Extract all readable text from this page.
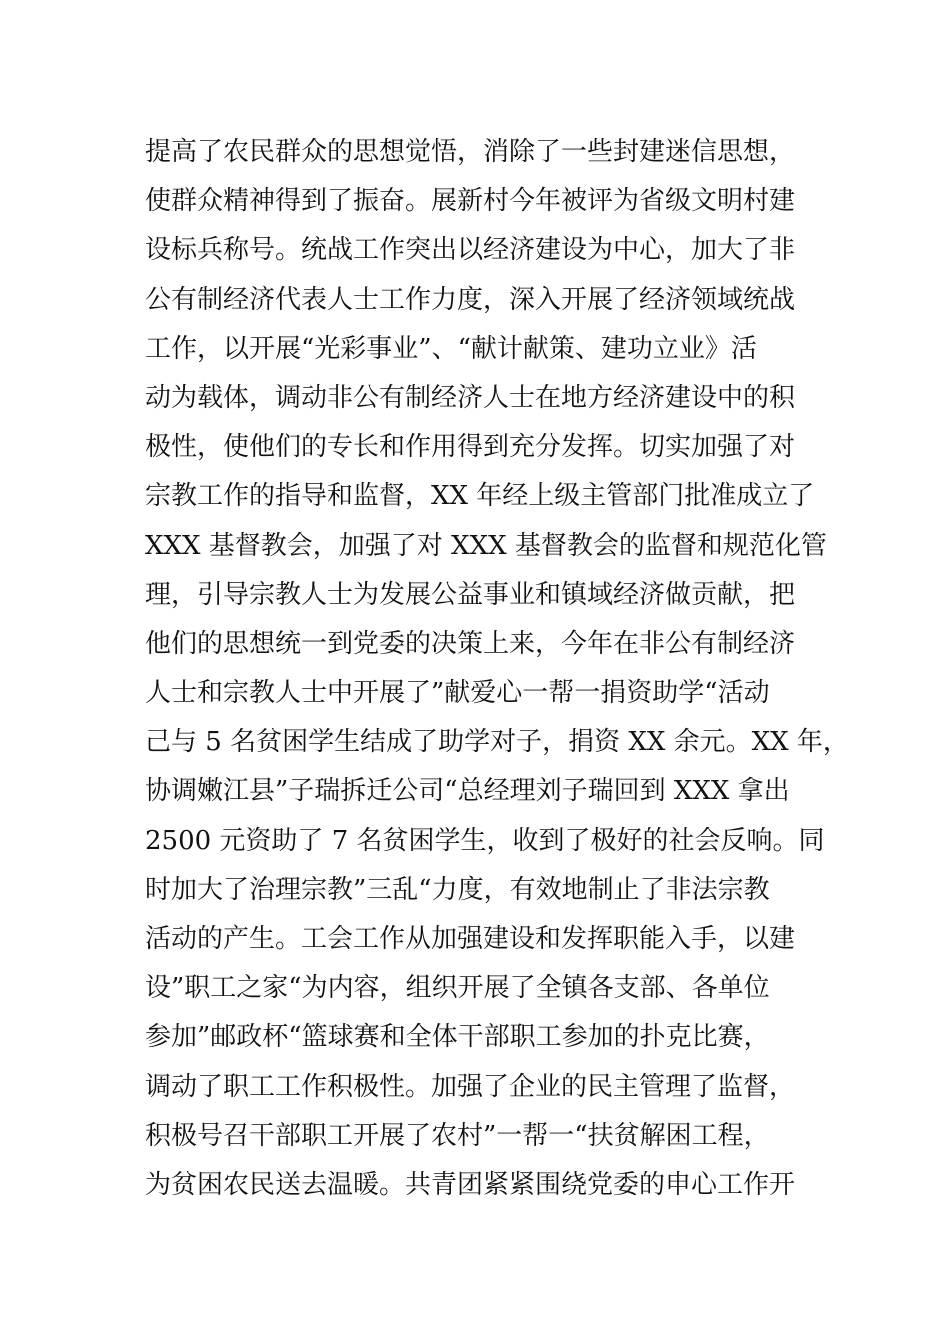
提高了农民群众的思想觉悟，消除了一些封建迷信思想，
使群众精神得到了振奋。展新村今年被评为省级文明村建
设标兵称号。统战工作突出以经济建设为中心，加大了非
公有制经济代表人士工作力度，深入开展了经济领域统战
工作，以开展“光彩事业”、“献计献策、建功立业》活
动为载体，调动非公有制经济人士在地方经济建设中的积
极性，使他们的专长和作用得到充分发挥。切实加强了对
宗教工作的指导和监督，XX 年经上级主管部门批准成立了
XXX 基督教会，加强了对 XXX 基督教会的监督和规范化管
理，引导宗教人士为发展公益事业和镇域经济做贡献，把
他们的思想统一到党委的决策上来，今年在非公有制经济
人士和宗教人士中开展了”献爱心一帮一捐资助学“活动
己与 5 名贫困学生结成了助学对子，捐资 XX 余元。XX 年，
协调嫩江县”子瑞拆迁公司“总经理刘子瑞回到 XXX 拿出
2500 元资助了 7 名贫困学生，收到了极好的社会反响。同
时加大了治理宗教”三乱“力度，有效地制止了非法宗教
活动的产生。工会工作从加强建设和发挥职能入手，以建
设”职工之家“为内容，组织开展了全镇各支部、各单位
参加”邮政杯“篮球赛和全体干部职工参加的扑克比赛，
调动了职工工作积极性。加强了企业的民主管理了监督，
积极号召干部职工开展了农村”一帮一“扶贫解困工程，
为贫困农民送去温暖。共青团紧紧围绕党委的申心工作开
